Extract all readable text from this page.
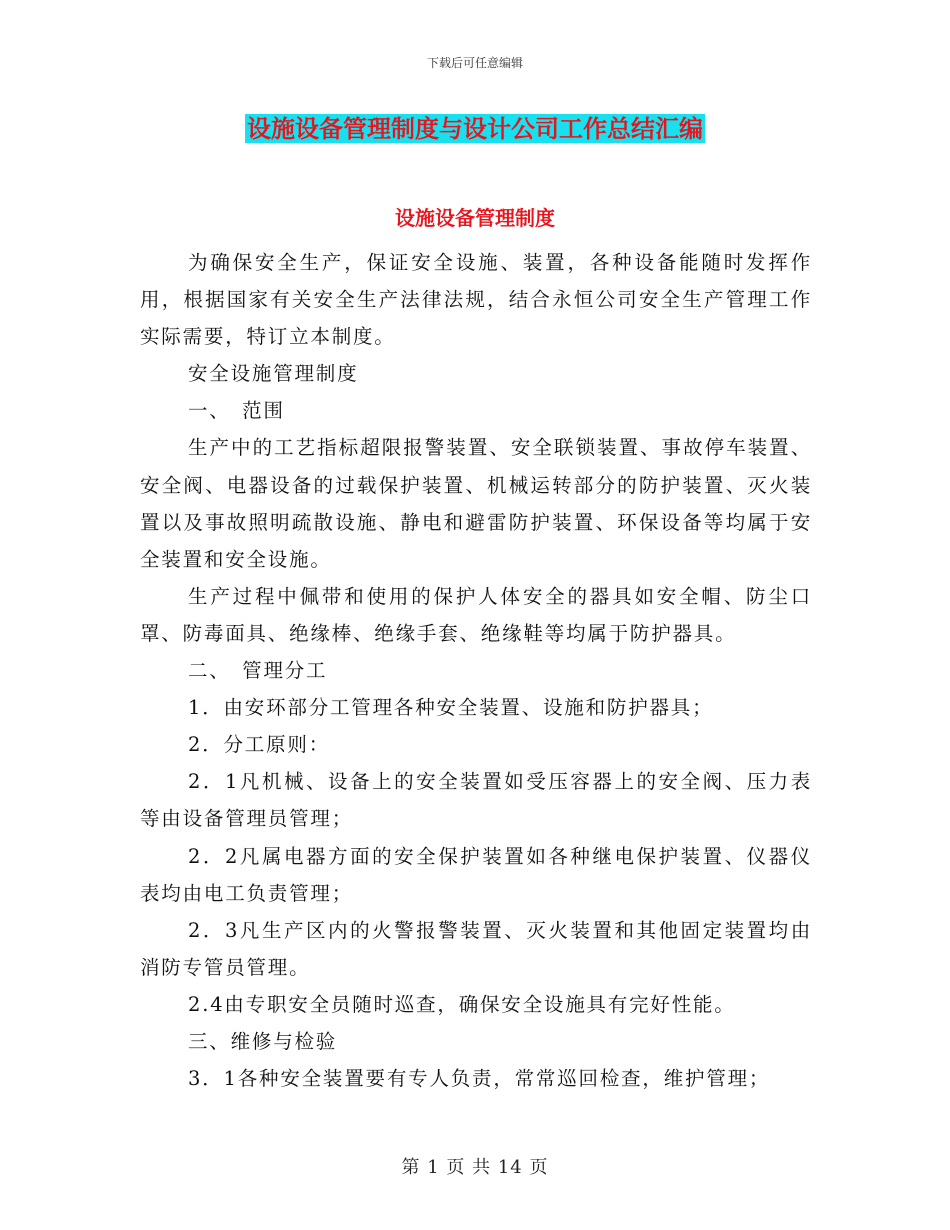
下载后可任意编辑
设施设备管理制度与设计公司工作总结汇编
设施设备管理制度

为确保安全生产，保证安全设施、装置，各种设备能随时发挥作用，根据国家有关安全生产法律法规，结合永恒公司安全生产管理工作实际需要，特订立本制度。

安全设施管理制度

一、　范围

生产中的工艺指标超限报警装置、安全联锁装置、事故停车装置、安全阀、电器设备的过载保护装置、机械运转部分的防护装置、灭火装置以及事故照明疏散设施、静电和避雷防护装置、环保设备等均属于安全装置和安全设施。

生产过程中佩带和使用的保护人体安全的器具如安全帽、防尘口罩、防毒面具、绝缘棒、绝缘手套、绝缘鞋等均属于防护器具。

二、　管理分工

1．由安环部分工管理各种安全装置、设施和防护器具；

2．分工原则：

2．1凡机械、设备上的安全装置如受压容器上的安全阀、压力表等由设备管理员管理；

2．2凡属电器方面的安全保护装置如各种继电保护装置、仪器仪表均由电工负责管理；

2．3凡生产区内的火警报警装置、灭火装置和其他固定装置均由消防专管员管理。

2.4由专职安全员随时巡查，确保安全设施具有完好性能。

三、维修与检验

3．1各种安全装置要有专人负责，常常巡回检查，维护管理；

第 1 页 共 14 页
